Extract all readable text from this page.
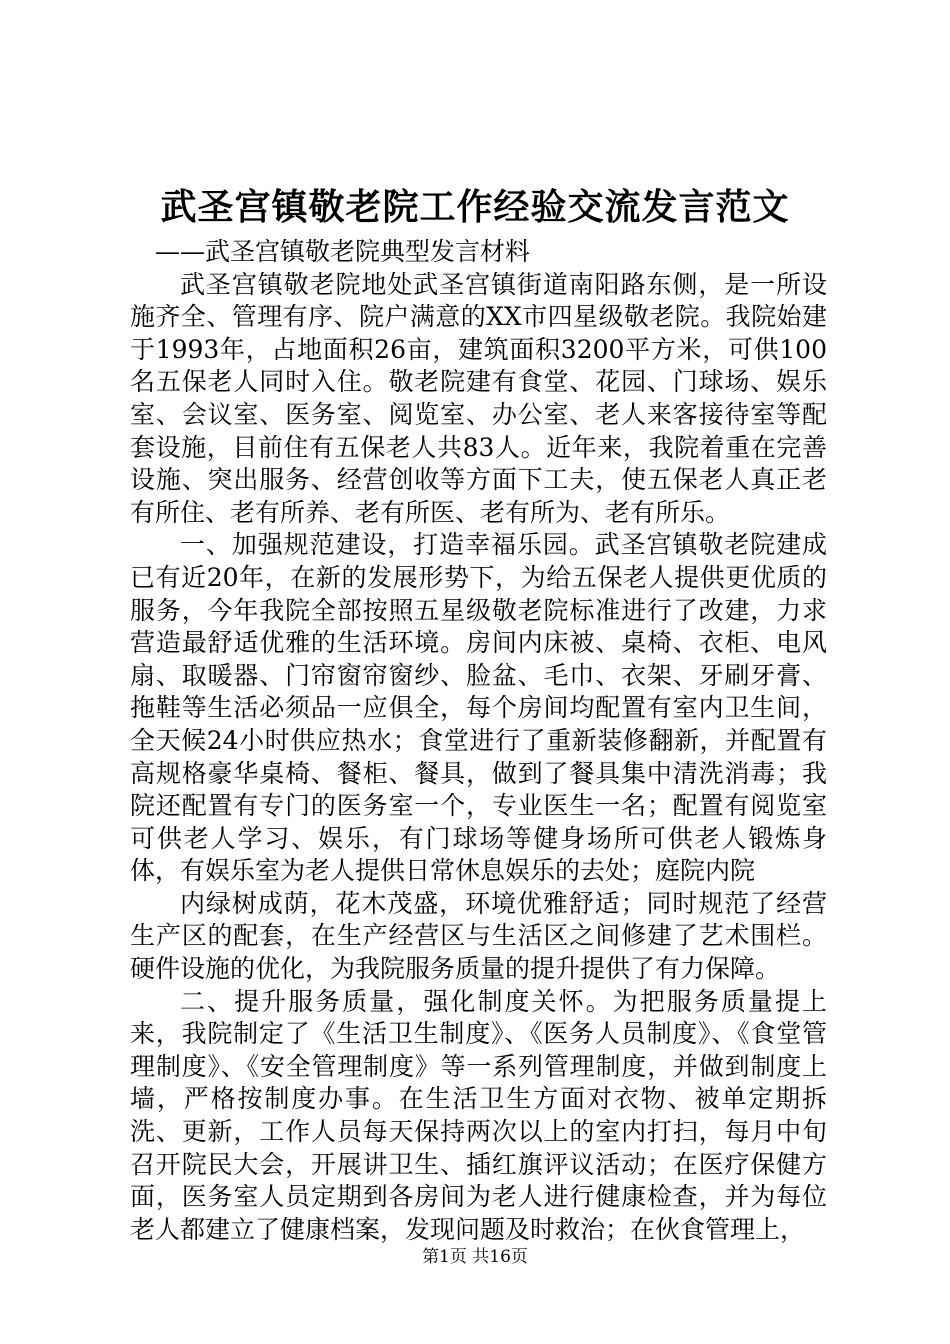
武圣宫镇敬老院工作经验交流发言范文

——武圣宫镇敬老院典型发言材料

武圣宫镇敬老院地处武圣宫镇街道南阳路东侧，是一所设施齐全、管理有序、院户满意的XX市四星级敬老院。我院始建于1993年，占地面积26亩，建筑面积3200平方米，可供100名五保老人同时入住。敬老院建有食堂、花园、门球场、娱乐室、会议室、医务室、阅览室、办公室、老人来客接待室等配套设施，目前住有五保老人共83人。近年来，我院着重在完善设施、突出服务、经营创收等方面下工夫，使五保老人真正老有所住、老有所养、老有所医、老有所为、老有所乐。

一、加强规范建设，打造幸福乐园。武圣宫镇敬老院建成已有近20年，在新的发展形势下，为给五保老人提供更优质的服务，今年我院全部按照五星级敬老院标准进行了改建，力求营造最舒适优雅的生活环境。房间内床被、桌椅、衣柜、电风扇、取暖器、门帘窗帘窗纱、脸盆、毛巾、衣架、牙刷牙膏、拖鞋等生活必须品一应俱全，每个房间均配置有室内卫生间，全天候24小时供应热水；食堂进行了重新装修翻新，并配置有高规格豪华桌椅、餐柜、餐具，做到了餐具集中清洗消毒；我院还配置有专门的医务室一个，专业医生一名；配置有阅览室可供老人学习、娱乐，有门球场等健身场所可供老人锻炼身体，有娱乐室为老人提供日常休息娱乐的去处；庭院内院

内绿树成荫，花木茂盛，环境优雅舒适；同时规范了经营生产区的配套，在生产经营区与生活区之间修建了艺术围栏。硬件设施的优化，为我院服务质量的提升提供了有力保障。

二、提升服务质量，强化制度关怀。为把服务质量提上来，我院制定了《生活卫生制度》、《医务人员制度》、《食堂管理制度》、《安全管理制度》等一系列管理制度，并做到制度上墙，严格按制度办事。在生活卫生方面对衣物、被单定期拆洗、更新，工作人员每天保持两次以上的室内打扫，每月中旬召开院民大会，开展讲卫生、插红旗评议活动；在医疗保健方面，医务室人员定期到各房间为老人进行健康检查，并为每位老人都建立了健康档案，发现问题及时救治；在伙食管理上，

第1页 共16页
